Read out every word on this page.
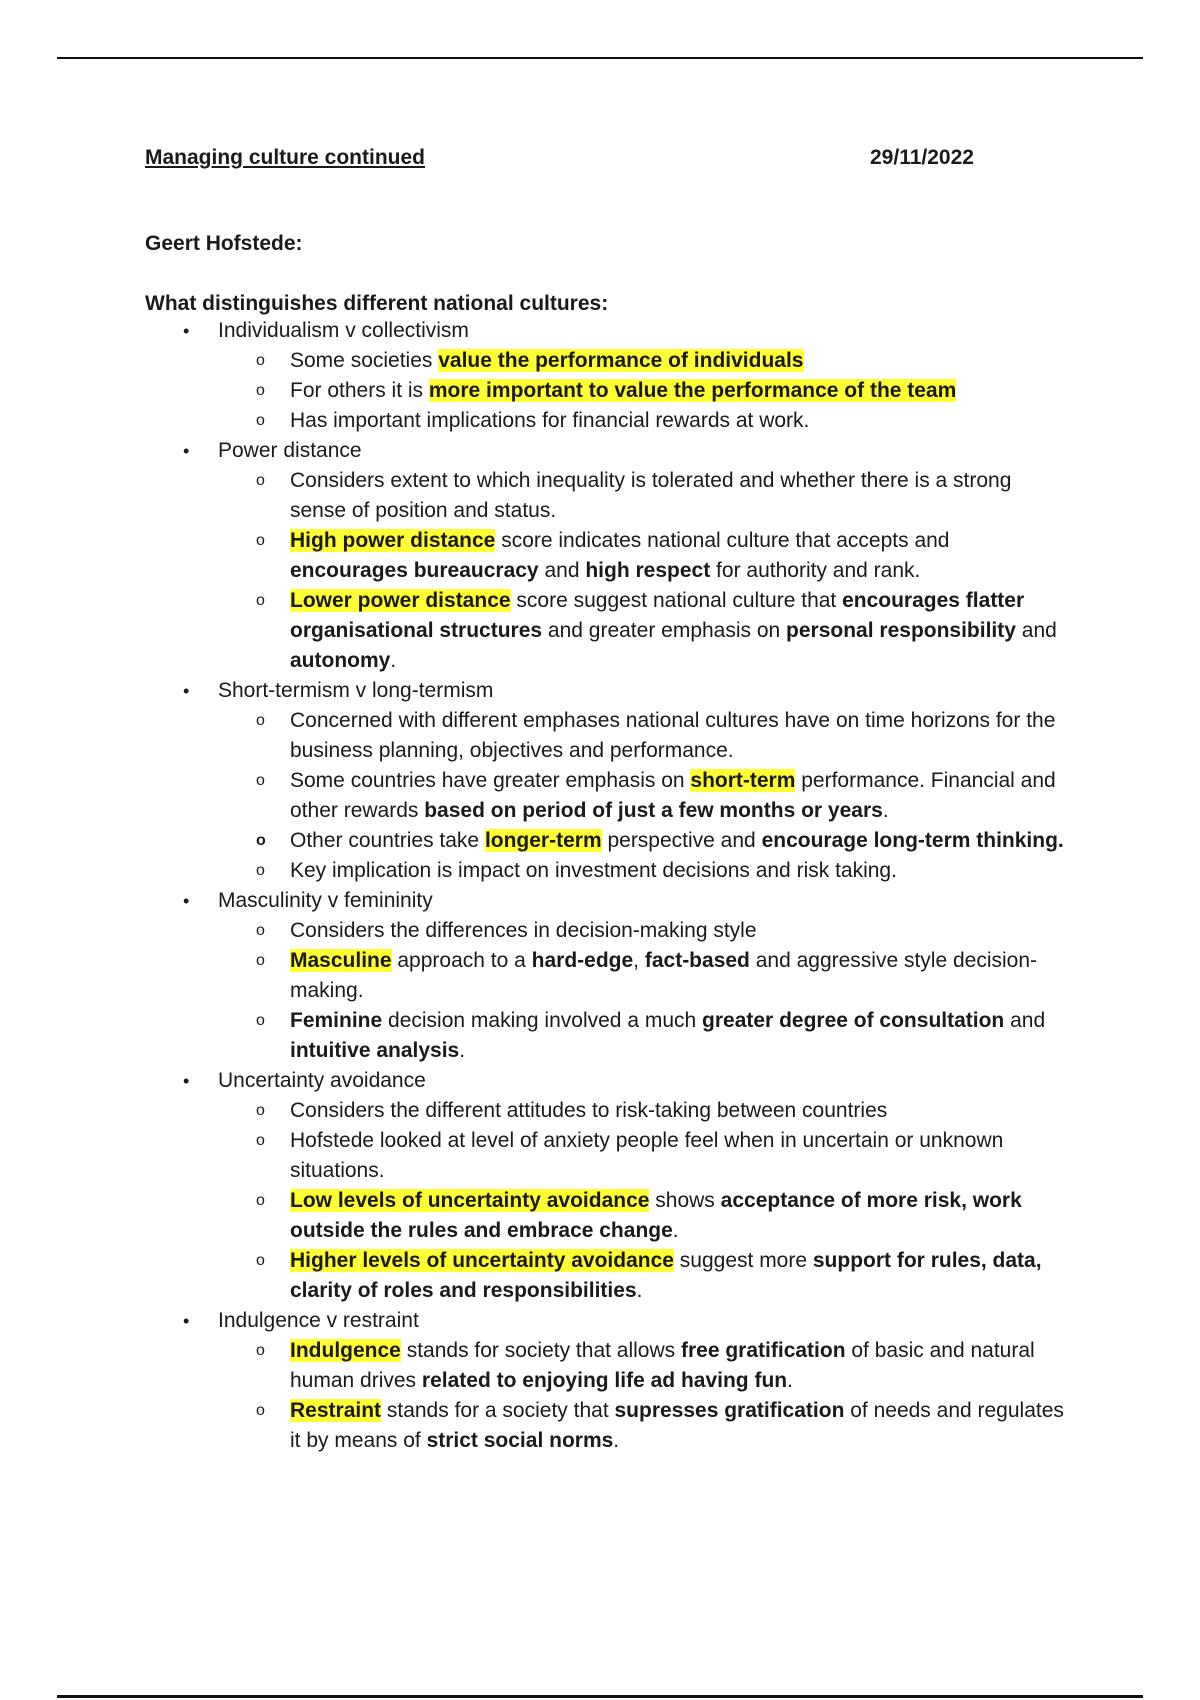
Managing culture continued	29/11/2022
Geert Hofstede:
What distinguishes different national cultures:
• Individualism v collectivism
o Some societies value the performance of individuals
o For others it is more important to value the performance of the team
o Has important implications for financial rewards at work.
• Power distance
o Considers extent to which inequality is tolerated and whether there is a strong sense of position and status.
o High power distance score indicates national culture that accepts and encourages bureaucracy and high respect for authority and rank.
o Lower power distance score suggest national culture that encourages flatter organisational structures and greater emphasis on personal responsibility and autonomy.
• Short-termism v long-termism
o Concerned with different emphases national cultures have on time horizons for the business planning, objectives and performance.
o Some countries have greater emphasis on short-term performance. Financial and other rewards based on period of just a few months or years.
o Other countries take longer-term perspective and encourage long-term thinking.
o Key implication is impact on investment decisions and risk taking.
• Masculinity v femininity
o Considers the differences in decision-making style
o Masculine approach to a hard-edge, fact-based and aggressive style decision-making.
o Feminine decision making involved a much greater degree of consultation and intuitive analysis.
• Uncertainty avoidance
o Considers the different attitudes to risk-taking between countries
o Hofstede looked at level of anxiety people feel when in uncertain or unknown situations.
o Low levels of uncertainty avoidance shows acceptance of more risk, work outside the rules and embrace change.
o Higher levels of uncertainty avoidance suggest more support for rules, data, clarity of roles and responsibilities.
• Indulgence v restraint
o Indulgence stands for society that allows free gratification of basic and natural human drives related to enjoying life ad having fun.
o Restraint stands for a society that supresses gratification of needs and regulates it by means of strict social norms.
